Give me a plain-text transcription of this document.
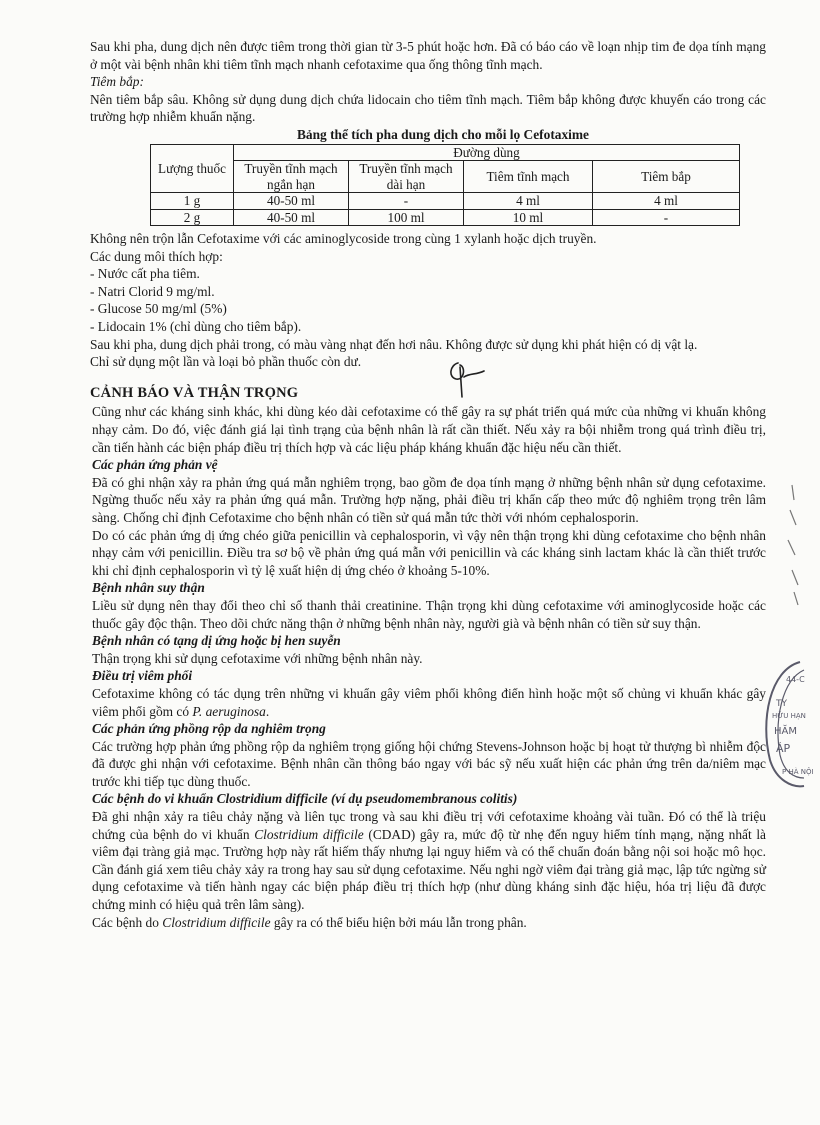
Sau khi pha, dung dịch nên được tiêm trong thời gian từ 3-5 phút hoặc hơn. Đã có báo cáo về loạn nhịp tim đe dọa tính mạng ở một vài bệnh nhân khi tiêm tĩnh mạch nhanh cefotaxime qua ống thông tĩnh mạch.

Tiêm bắp:

Nên tiêm bắp sâu. Không sử dụng dung dịch chứa lidocain cho tiêm tĩnh mạch. Tiêm bắp không được khuyến cáo trong các trường hợp nhiễm khuẩn nặng.

Bảng thể tích pha dung dịch cho mỗi lọ Cefotaxime

Lượng thuốc	Đường dùng			
	Truyền tĩnh mạch ngắn hạn	Truyền tĩnh mạch dài hạn	Tiêm tĩnh mạch	Tiêm bắp
1 g	40-50 ml	-	4 ml	4 ml
2 g	40-50 ml	100 ml	10 ml	-

Không nên trộn lẫn Cefotaxime với các aminoglycoside trong cùng 1 xylanh hoặc dịch truyền.

Các dung môi thích hợp:

- Nước cất pha tiêm.

- Natri Clorid 9 mg/ml.

- Glucose 50 mg/ml (5%)

- Lidocain 1% (chỉ dùng cho tiêm bắp).

Sau khi pha, dung dịch phải trong, có màu vàng nhạt đến hơi nâu. Không được sử dụng khi phát hiện có dị vật lạ.

Chỉ sử dụng một lần và loại bỏ phần thuốc còn dư.

CẢNH BÁO VÀ THẬN TRỌNG

Cũng như các kháng sinh khác, khi dùng kéo dài cefotaxime có thể gây ra sự phát triển quá mức của những vi khuẩn không nhạy cảm. Do đó, việc đánh giá lại tình trạng của bệnh nhân là rất cần thiết. Nếu xảy ra bội nhiễm trong quá trình điều trị, cần tiến hành các biện pháp điều trị thích hợp và các liệu pháp kháng khuẩn đặc hiệu nếu cần thiết.

Các phản ứng phản vệ

Đã có ghi nhận xảy ra phản ứng quá mẫn nghiêm trọng, bao gồm đe dọa tính mạng ở những bệnh nhân sử dụng cefotaxime. Ngừng thuốc nếu xảy ra phản ứng quá mẫn. Trường hợp nặng, phải điều trị khẩn cấp theo mức độ nghiêm trọng trên lâm sàng. Chống chỉ định Cefotaxime cho bệnh nhân có tiền sử quá mẫn tức thời với nhóm cephalosporin.

Do có các phản ứng dị ứng chéo giữa penicillin và cephalosporin, vì vậy nên thận trọng khi dùng cefotaxime cho bệnh nhân nhạy cảm với penicillin. Điều tra sơ bộ về phản ứng quá mẫn với penicillin và các kháng sinh lactam khác là cần thiết trước khi chỉ định cephalosporin vì tỷ lệ xuất hiện dị ứng chéo ở khoảng 5-10%.

Bệnh nhân suy thận

Liều sử dụng nên thay đổi theo chỉ số thanh thải creatinine. Thận trọng khi dùng cefotaxime với aminoglycoside hoặc các thuốc gây độc thận. Theo dõi chức năng thận ở những bệnh nhân này, người già và bệnh nhân có tiền sử suy thận.

Bệnh nhân có tạng dị ứng hoặc bị hen suyễn

Thận trọng khi sử dụng cefotaxime với những bệnh nhân này.

Điều trị viêm phổi

Cefotaxime không có tác dụng trên những vi khuẩn gây viêm phổi không điển hình hoặc một số chủng vi khuẩn khác gây viêm phổi gồm có P. aeruginosa.

Các phản ứng phồng rộp da nghiêm trọng

Các trường hợp phản ứng phồng rộp da nghiêm trọng giống hội chứng Stevens-Johnson hoặc bị hoạt tử thượng bì nhiễm độc đã được ghi nhận với cefotaxime. Bệnh nhân cần thông báo ngay với bác sỹ nếu xuất hiện các phản ứng trên da/niêm mạc trước khi tiếp tục dùng thuốc.

Các bệnh do vi khuẩn Clostridium difficile (ví dụ pseudomembranous colitis)

Đã ghi nhận xảy ra tiêu chảy nặng và liên tục trong và sau khi điều trị với cefotaxime khoảng vài tuần. Đó có thể là triệu chứng của bệnh do vi khuẩn Clostridium difficile (CDAD) gây ra, mức độ từ nhẹ đến nguy hiểm tính mạng, nặng nhất là viêm đại tràng giả mạc. Trường hợp này rất hiếm thấy nhưng lại nguy hiểm và có thể chuẩn đoán bằng nội soi hoặc mô học. Cần đánh giá xem tiêu chảy xảy ra trong hay sau sử dụng cefotaxime. Nếu nghi ngờ viêm đại tràng giả mạc, lập tức ngừng sử dụng cefotaxime và tiến hành ngay các biện pháp điều trị thích hợp (như dùng kháng sinh đặc hiệu, hóa trị liệu đã được chứng minh có hiệu quả trên lâm sàng).

Các bệnh do Clostridium difficile gây ra có thể biểu hiện bởi máu lẫn trong phân.

44-C
TY
HỮU HẠN
HĂM
ÁP
P HÀ NỘI
